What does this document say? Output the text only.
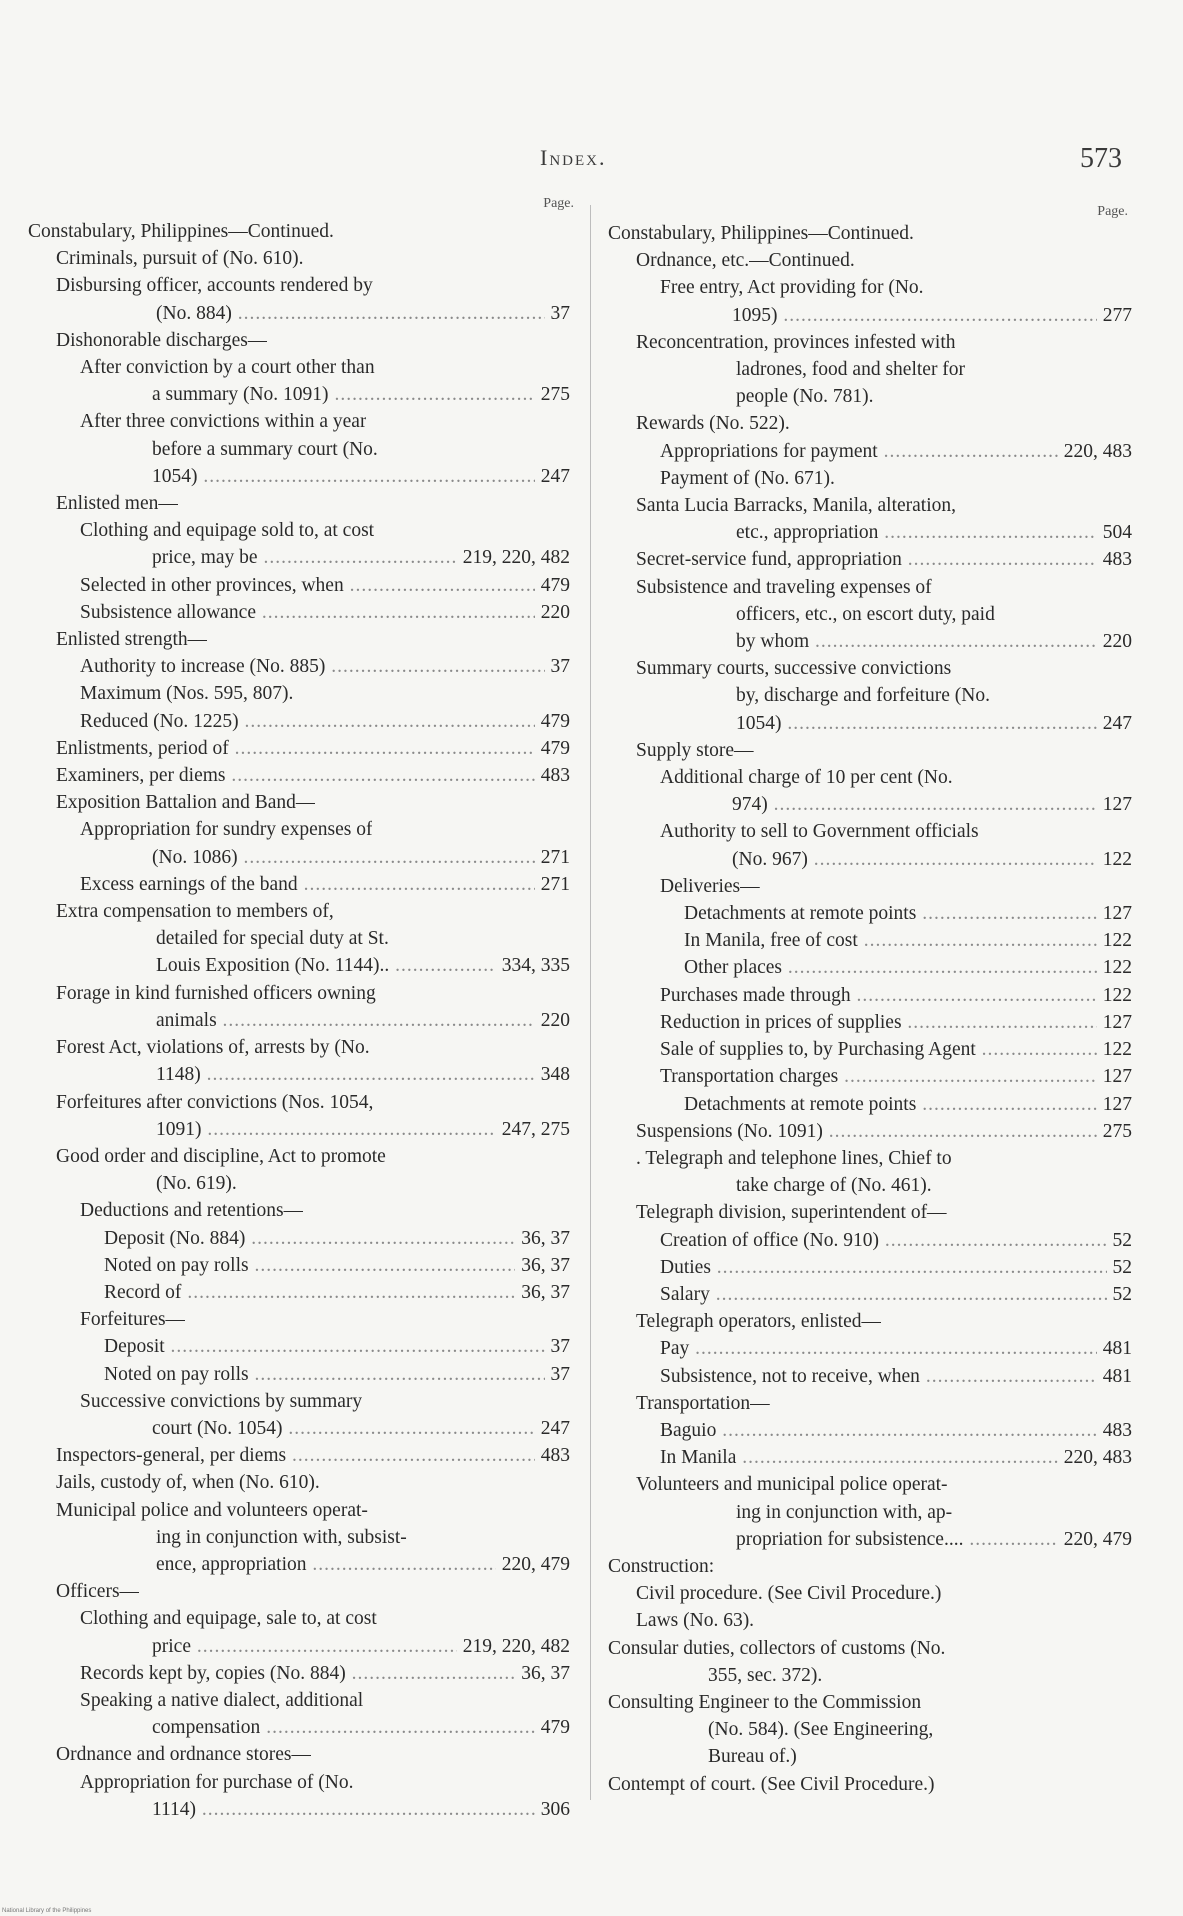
Index.	573
Page.
Constabulary, Philippines—Continued.
Criminals, pursuit of (No. 610).
Disbursing officer, accounts rendered by
(No. 884) .....	37
Dishonorable discharges—
After conviction by a court other than
a summary (No. 1091) .....	275
After three convictions within a year
before a summary court (No.
1054) .....	247
Enlisted men—
Clothing and equipage sold to, at cost
price, may be .....	219, 220, 482
Selected in other provinces, when .....	479
Subsistence allowance .....	220
Enlisted strength—
Authority to increase (No. 885) .....	37
Maximum (Nos. 595, 807).
Reduced (No. 1225) .....	479
Enlistments, period of .....	479
Examiners, per diems .....	483
Exposition Battalion and Band—
Appropriation for sundry expenses of
(No. 1086) .....	271
Excess earnings of the band .....	271
Extra compensation to members of,
detailed for special duty at St.
Louis Exposition (No. 1144).. .....	334, 335
Forage in kind furnished officers owning
animals .....	220
Forest Act, violations of, arrests by (No.
1148) .....	348
Forfeitures after convictions (Nos. 1054,
1091) .....	247, 275
Good order and discipline, Act to promote
(No. 619).
Deductions and retentions—
Deposit (No. 884) .....	36, 37
Noted on pay rolls .....	36, 37
Record of .....	36, 37
Forfeitures—
Deposit .....	37
Noted on pay rolls .....	37
Successive convictions by summary
court (No. 1054) .....	247
Inspectors-general, per diems .....	483
Jails, custody of, when (No. 610).
Municipal police and volunteers operat-
ing in conjunction with, subsist-
ence, appropriation .....	220, 479
Officers—
Clothing and equipage, sale to, at cost
price .....	219, 220, 482
Records kept by, copies (No. 884) .....	36, 37
Speaking a native dialect, additional
compensation .....	479
Ordnance and ordnance stores—
Appropriation for purchase of (No.
1114) .....	306
Page.
Constabulary, Philippines—Continued.
Ordnance, etc.—Continued.
Free entry, Act providing for (No.
1095) .....	277
Reconcentration, provinces infested with
ladrones, food and shelter for
people (No. 781).
Rewards (No. 522).
Appropriations for payment .....	220, 483
Payment of (No. 671).
Santa Lucia Barracks, Manila, alteration,
etc., appropriation .....	504
Secret-service fund, appropriation .....	483
Subsistence and traveling expenses of
officers, etc., on escort duty, paid
by whom .....	220
Summary courts, successive convictions
by, discharge and forfeiture (No.
1054) .....	247
Supply store—
Additional charge of 10 per cent (No.
974) .....	127
Authority to sell to Government officials
(No. 967) .....	122
Deliveries—
Detachments at remote points .....	127
In Manila, free of cost .....	122
Other places .....	122
Purchases made through .....	122
Reduction in prices of supplies .....	127
Sale of supplies to, by Purchasing Agent .....	122
Transportation charges .....	127
Detachments at remote points .....	127
Suspensions (No. 1091) .....	275
. Telegraph and telephone lines, Chief to
take charge of (No. 461).
Telegraph division, superintendent of—
Creation of office (No. 910) .....	52
Duties .....	52
Salary .....	52
Telegraph operators, enlisted—
Pay .....	481
Subsistence, not to receive, when .....	481
Transportation—
Baguio .....	483
In Manila .....	220, 483
Volunteers and municipal police operat-
ing in conjunction with, ap-
propriation for subsistence.... .....	220, 479
Construction:
Civil procedure. (See Civil Procedure.)
Laws (No. 63).
Consular duties, collectors of customs (No.
355, sec. 372).
Consulting Engineer to the Commission
(No. 584). (See Engineering,
Bureau of.)
Contempt of court. (See Civil Procedure.)
National Library of the Philippines
